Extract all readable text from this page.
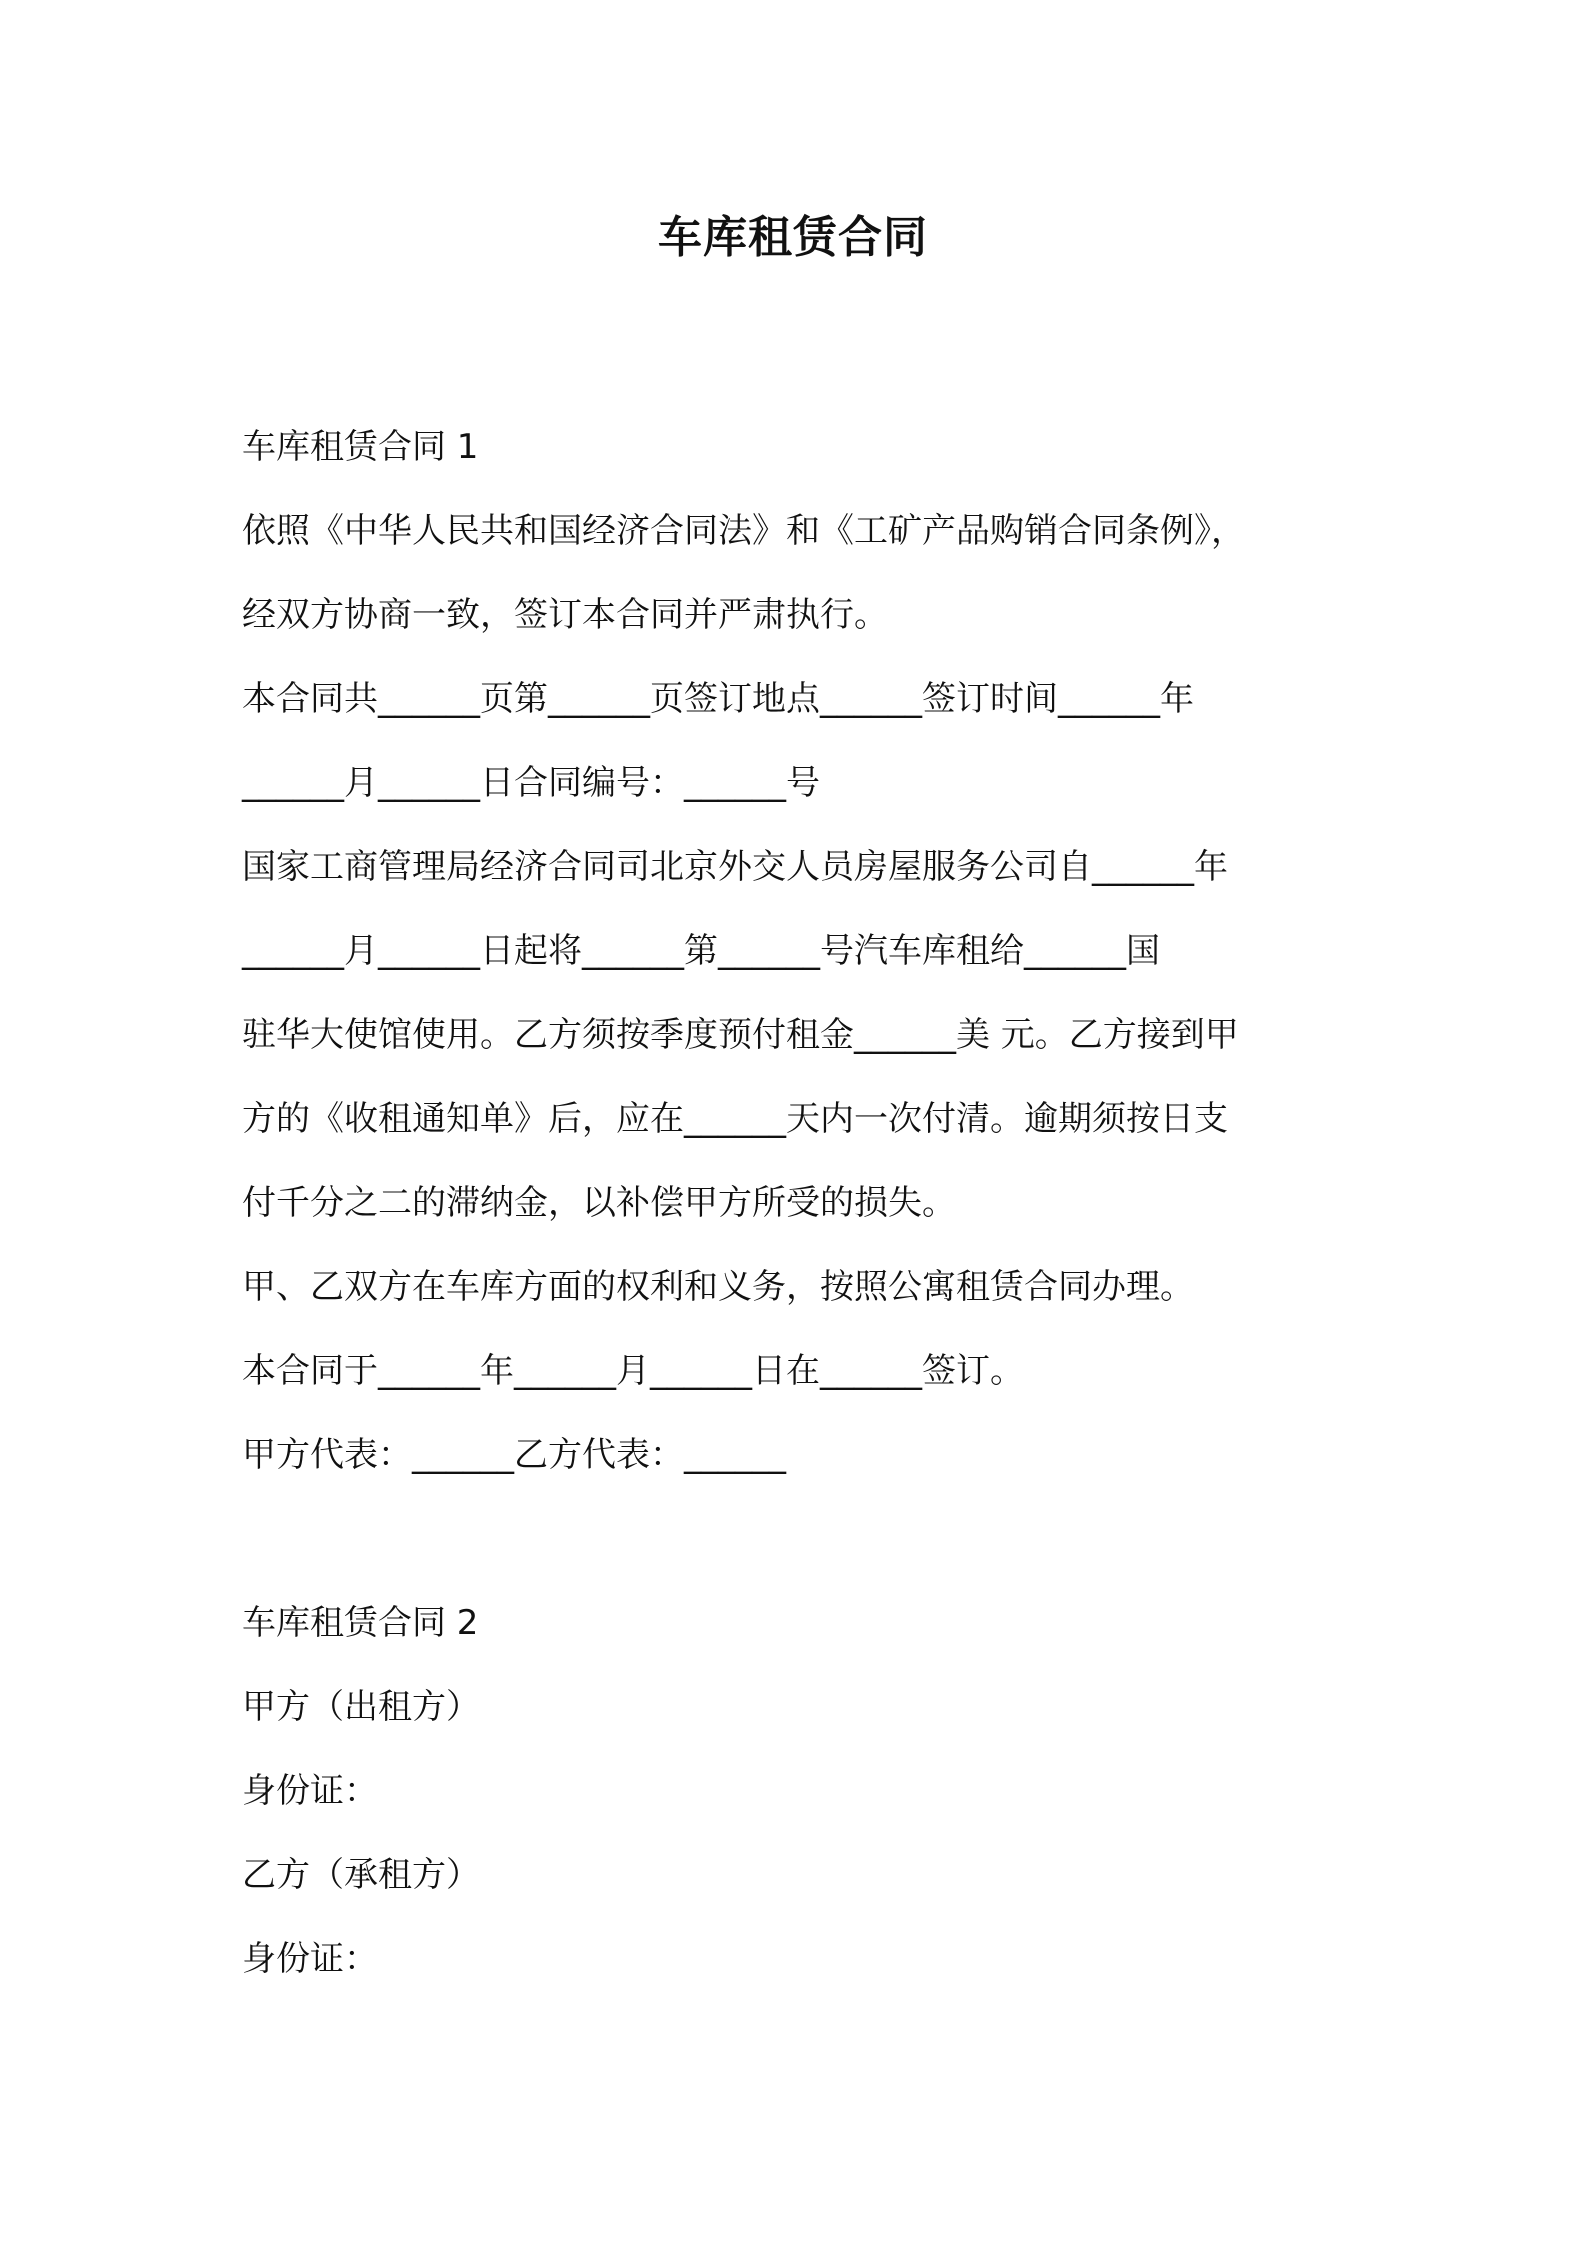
车库租赁合同
车库租赁合同 1
依照《中华人民共和国经济合同法》和《工矿产品购销合同条例》，
经双方协商一致，签订本合同并严肃执行。
本合同共______页第______页签订地点______签订时间______年
______月______日合同编号：______号
国家工商管理局经济合同司北京外交人员房屋服务公司自______年
______月______日起将______第______号汽车库租给______国
驻华大使馆使用。乙方须按季度预付租金______美 元。乙方接到甲
方的《收租通知单》后，应在______天内一次付清。逾期须按日支
付千分之二的滞纳金，以补偿甲方所受的损失。
甲、乙双方在车库方面的权利和义务，按照公寓租赁合同办理。
本合同于______年______月______日在______签订。
甲方代表：______乙方代表：______
车库租赁合同 2
甲方（出租方）
身份证：
乙方（承租方）
身份证：
